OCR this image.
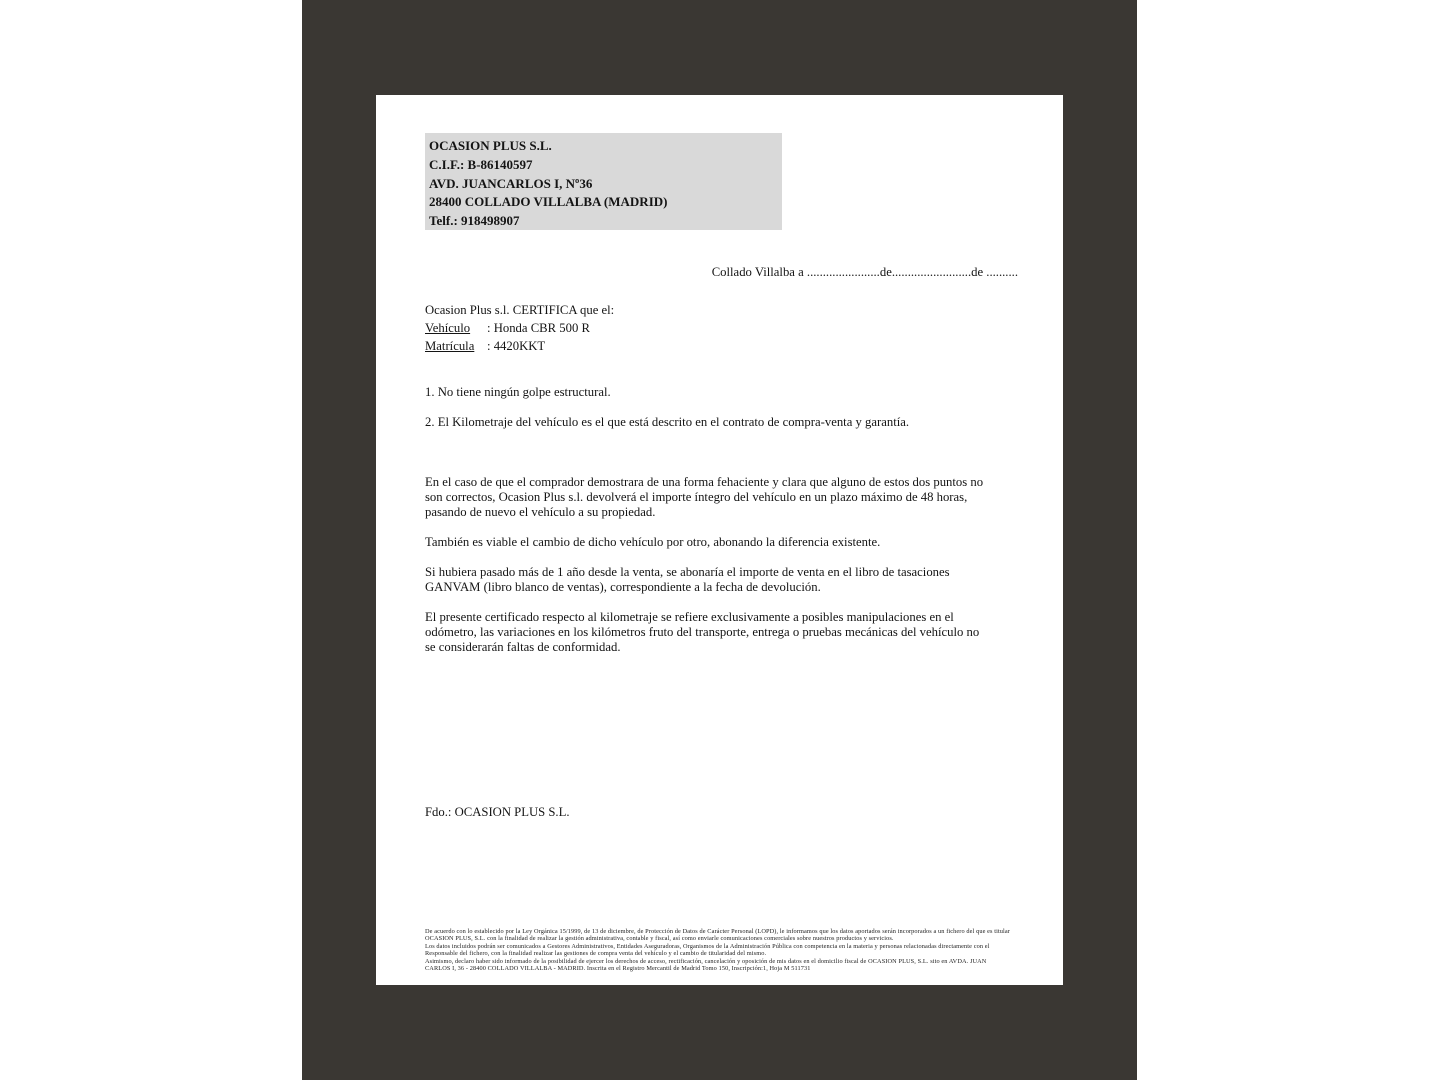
OCASION PLUS S.L.
C.I.F.: B-86140597
AVD. JUANCARLOS I, Nº36
28400 COLLADO VILLALBA (MADRID)
Telf.: 918498907
Collado Villalba a .......................de.........................de ..........
Ocasion Plus s.l. CERTIFICA que el:
Vehículo : Honda CBR 500 R
Matrícula : 4420KKT
1. No tiene ningún golpe estructural.
2. El Kilometraje del vehículo es el que está descrito en el contrato de compra-venta y garantía.
En el caso de que el comprador demostrara de una forma fehaciente y clara que alguno de estos dos puntos no
son correctos, Ocasion Plus s.l. devolverá el importe íntegro del vehículo en un plazo máximo de 48 horas,
pasando de nuevo el vehículo a su propiedad.
También es viable el cambio de dicho vehículo por otro, abonando la diferencia existente.
Si hubiera pasado más de 1 año desde la venta, se abonaría el importe de venta en el libro de tasaciones
GANVAM (libro blanco de ventas), correspondiente a la fecha de devolución.
El presente certificado respecto al kilometraje se refiere exclusivamente a posibles manipulaciones en el
odómetro, las variaciones en los kilómetros fruto del transporte, entrega o pruebas mecánicas del vehículo no
se considerarán faltas de conformidad.
Fdo.: OCASION PLUS S.L.
De acuerdo con lo establecido por la Ley Orgánica 15/1999, de 13 de diciembre, de Protección de Datos de Carácter Personal (LOPD), le informamos que los datos aportados serán incorporados a un fichero del que es titular
OCASION PLUS, S.L. con la finalidad de realizar la gestión administrativa, contable y fiscal, así como enviarle comunicaciones comerciales sobre nuestros productos y servicios.
Los datos incluidos podrán ser comunicados a Gestores Administrativos, Entidades Aseguradoras, Organismos de la Administración Pública con competencia en la materia y personas relacionadas directamente con el
Responsable del fichero, con la finalidad realizar las gestiones de compra venta del vehículo y el cambio de titularidad del mismo.
Asimismo, declaro haber sido informado de la posibilidad de ejercer los derechos de acceso, rectificación, cancelación y oposición de mis datos en el domicilio fiscal de OCASION PLUS, S.L. sito en AVDA. JUAN
CARLOS I, 36 - 28400 COLLADO VILLALBA - MADRID. Inscrita en el Registro Mercantil de Madrid Tomo 150, Inscripción:1, Hoja M 511731
